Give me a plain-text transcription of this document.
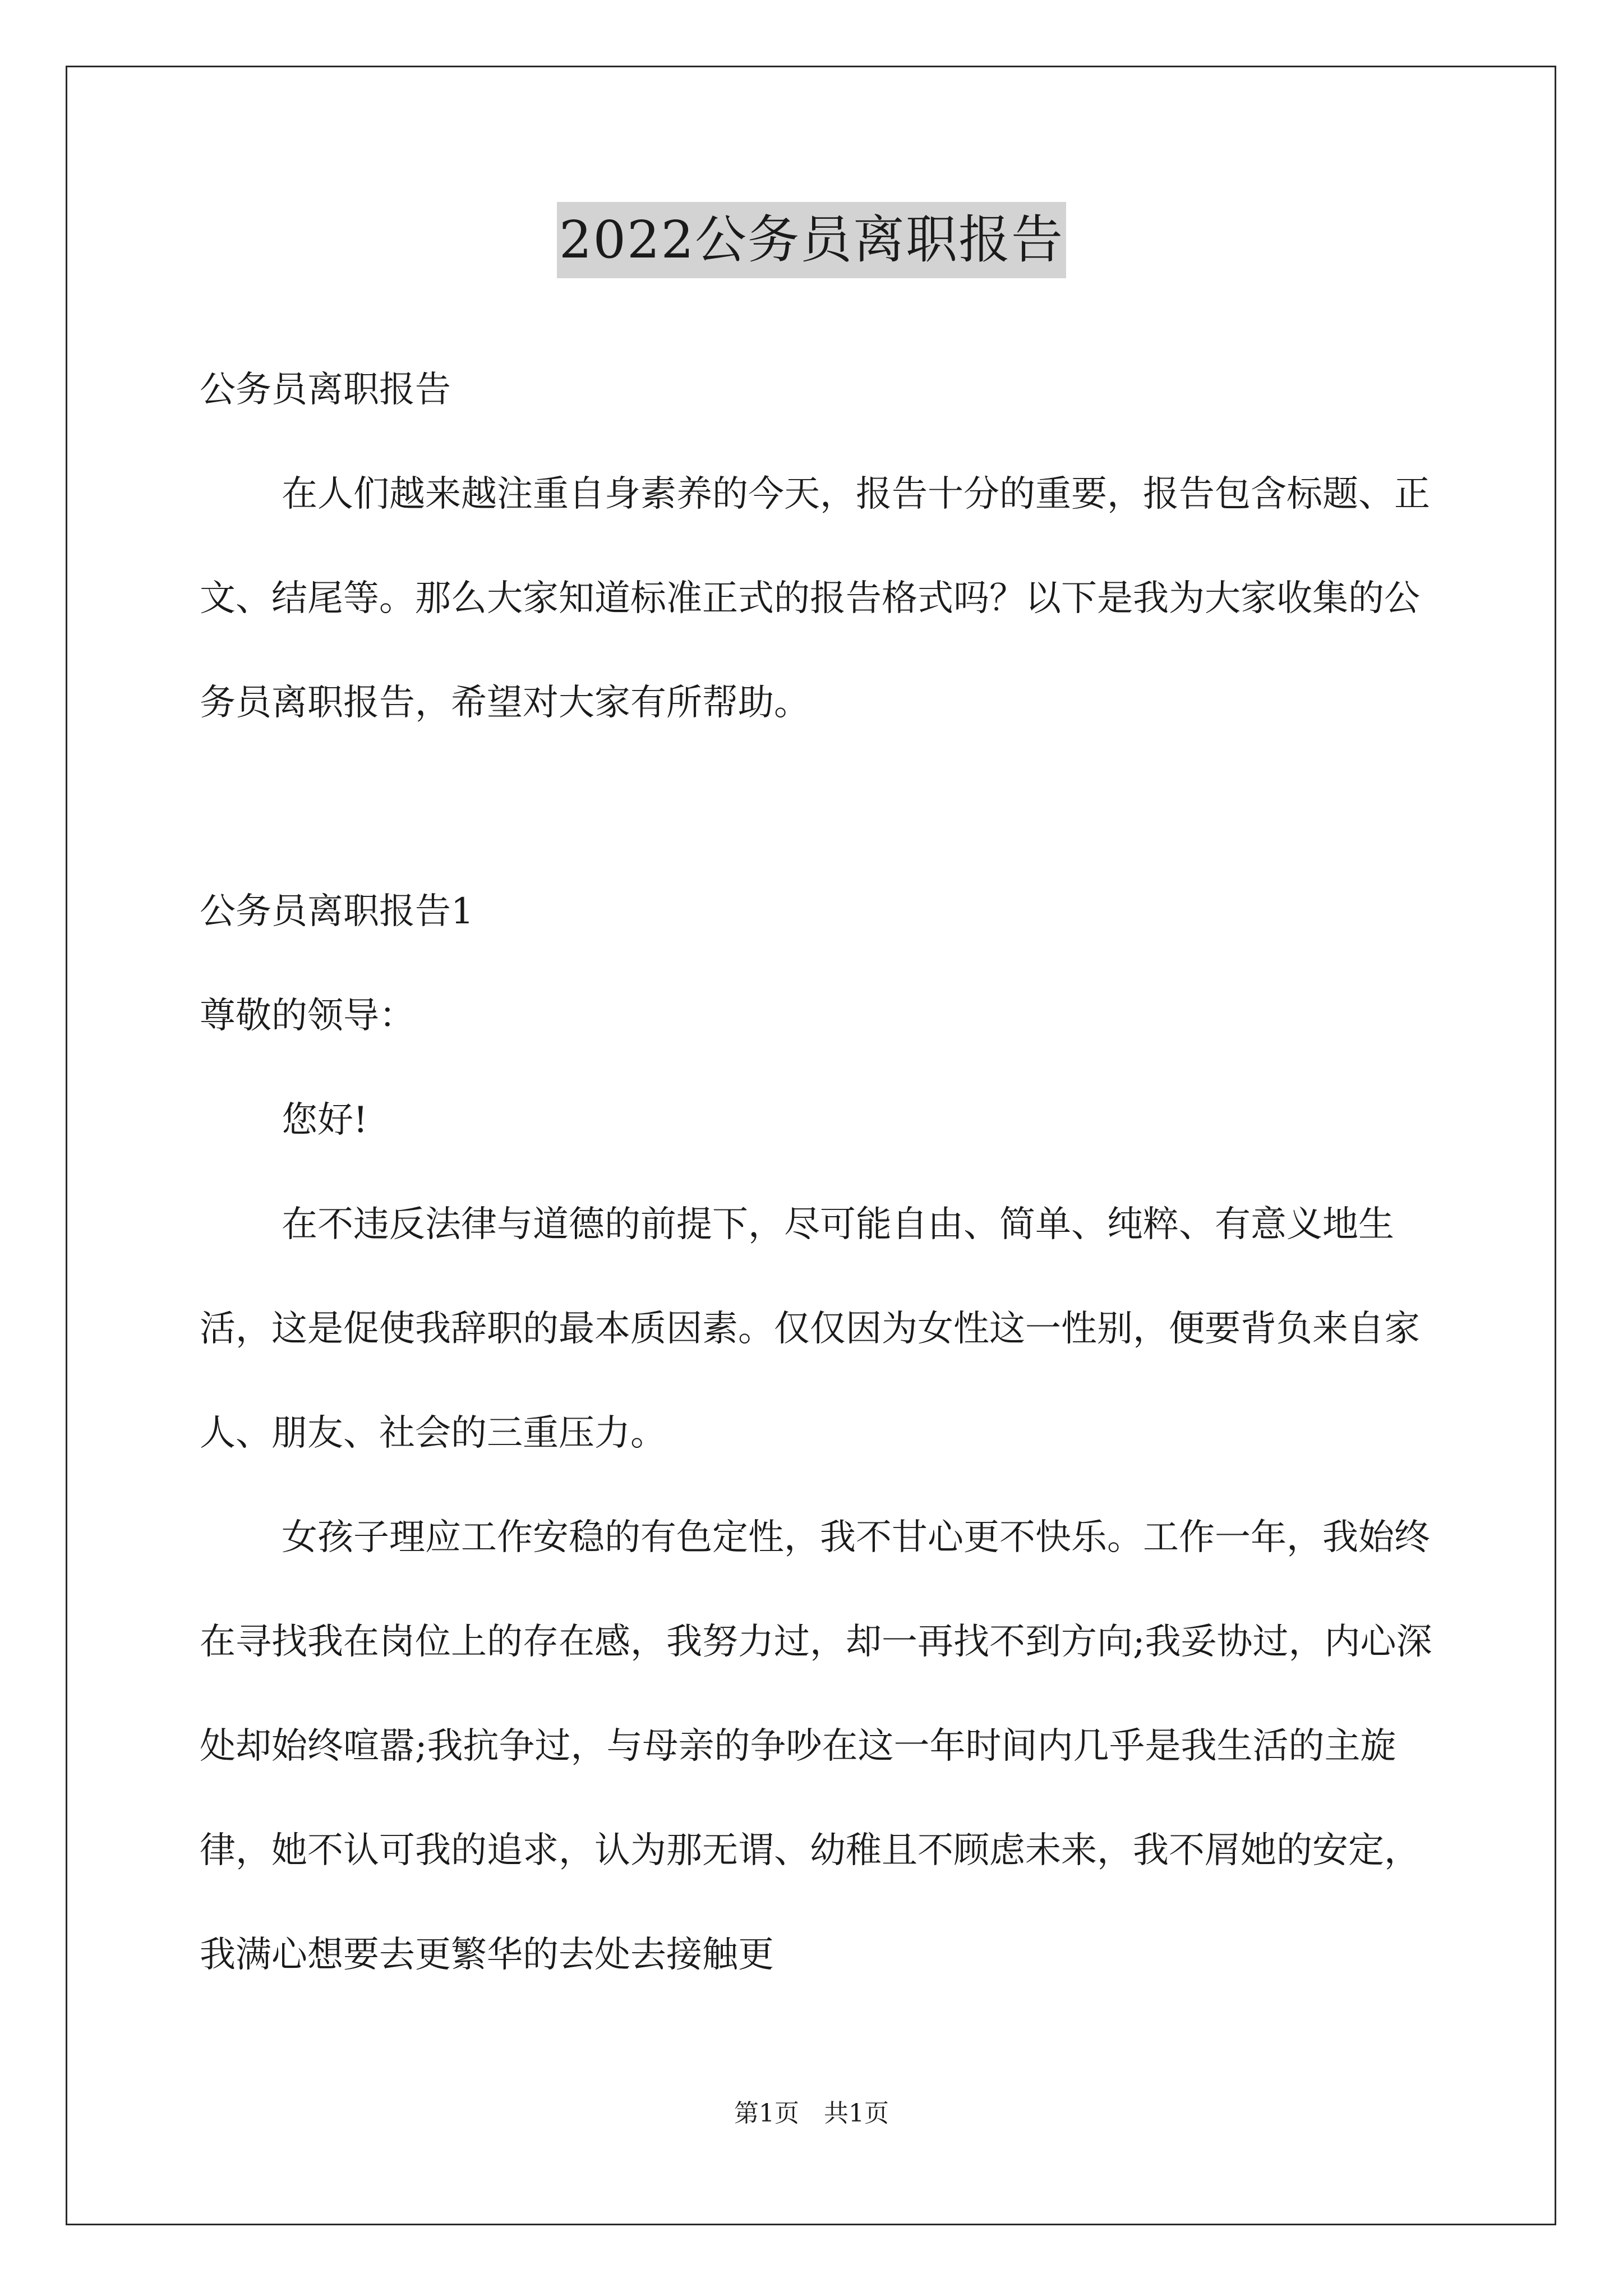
2022公务员离职报告

公务员离职报告

在人们越来越注重自身素养的今天，报告十分的重要，报告包含标题、正文、结尾等。那么大家知道标准正式的报告格式吗？以下是我为大家收集的公务员离职报告，希望对大家有所帮助。

公务员离职报告1

尊敬的领导：

您好!

在不违反法律与道德的前提下，尽可能自由、简单、纯粹、有意义地生活，这是促使我辞职的最本质因素。仅仅因为女性这一性别，便要背负来自家人、朋友、社会的三重压力。

女孩子理应工作安稳的有色定性，我不甘心更不快乐。工作一年，我始终在寻找我在岗位上的存在感，我努力过，却一再找不到方向;我妥协过，内心深处却始终喧嚣;我抗争过，与母亲的争吵在这一年时间内几乎是我生活的主旋律，她不认可我的追求，认为那无谓、幼稚且不顾虑未来，我不屑她的安定，我满心想要去更繁华的去处去接触更

第1页　共1页
